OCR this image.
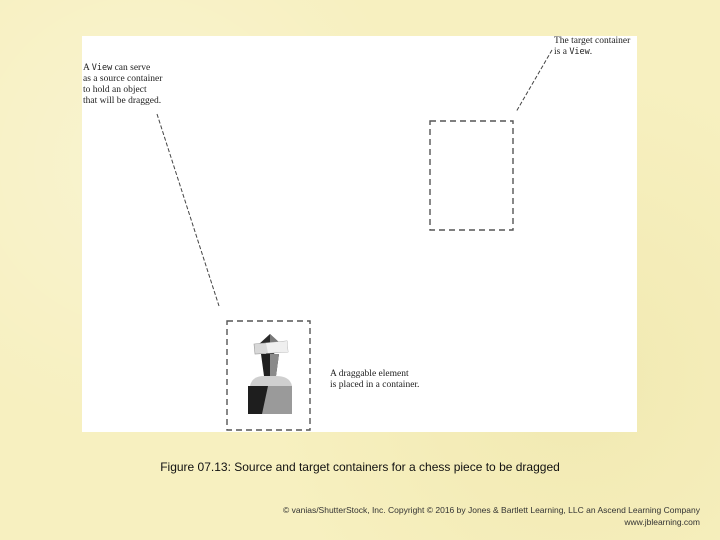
A View can serve
as a source container
to hold an object
that will be dragged.
The target container
is a View.
A draggable element
is placed in a container.
Figure 07.13: Source and target containers for a chess piece to be dragged
© vanias/ShutterStock, Inc. Copyright © 2016 by Jones & Bartlett Learning, LLC an Ascend Learning Company
www.jblearning.com
